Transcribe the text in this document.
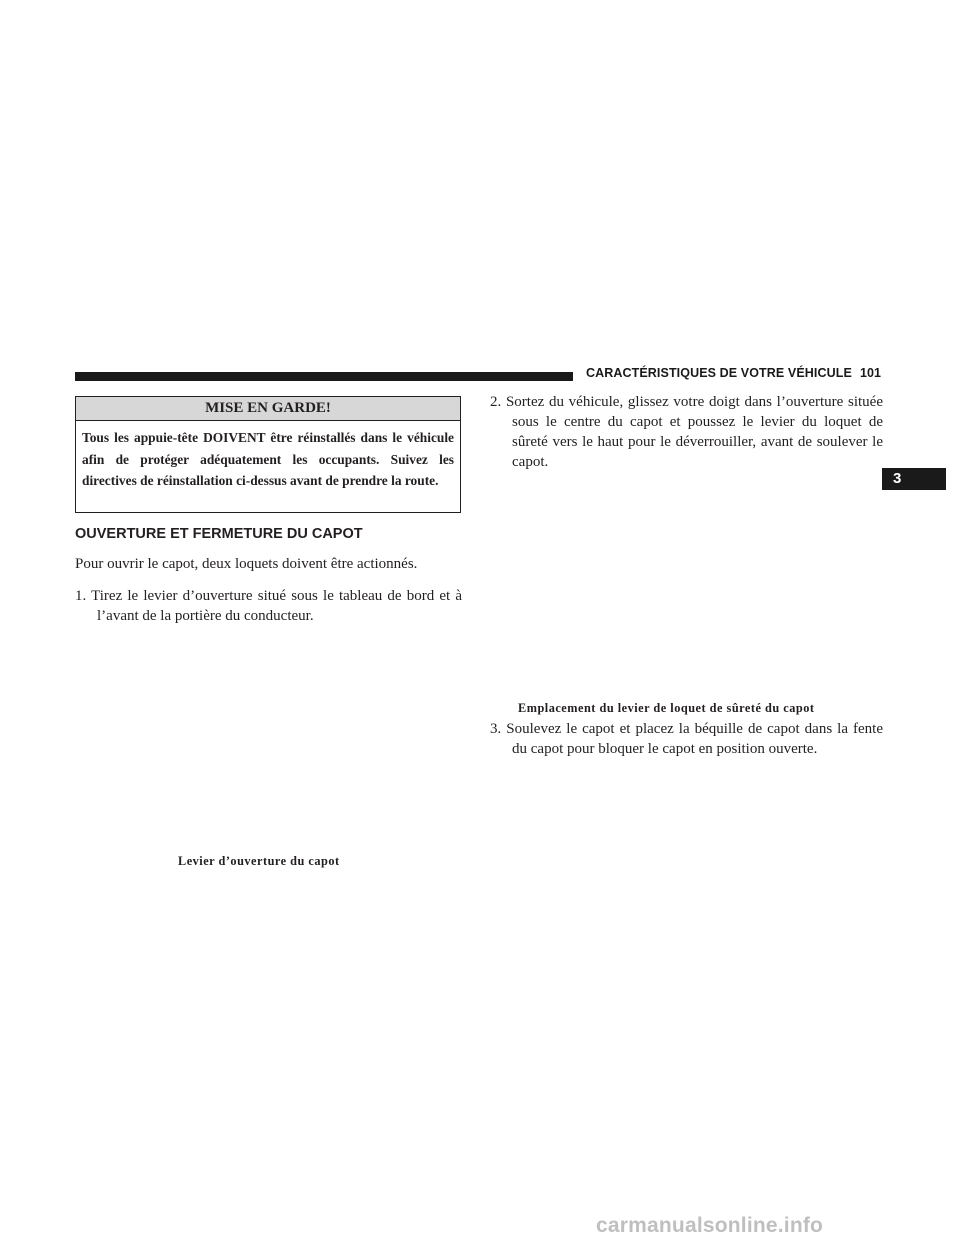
CARACTÉRISTIQUES DE VOTRE VÉHICULE 101
3
MISE EN GARDE!
Tous les appuie-tête DOIVENT être réinstallés dans le véhicule afin de protéger adéquatement les occupants. Suivez les directives de réinstallation ci-dessus avant de prendre la route.
OUVERTURE ET FERMETURE DU CAPOT
Pour ouvrir le capot, deux loquets doivent être actionnés.
1. Tirez le levier d’ouverture situé sous le tableau de bord et à l’avant de la portière du conducteur.
Levier d’ouverture du capot
2. Sortez du véhicule, glissez votre doigt dans l’ouverture située sous le centre du capot et poussez le levier du loquet de sûreté vers le haut pour le déverrouiller, avant de soulever le capot.
Emplacement du levier de loquet de sûreté du capot
3. Soulevez le capot et placez la béquille de capot dans la fente du capot pour bloquer le capot en position ouverte.
carmanualsonline.info
